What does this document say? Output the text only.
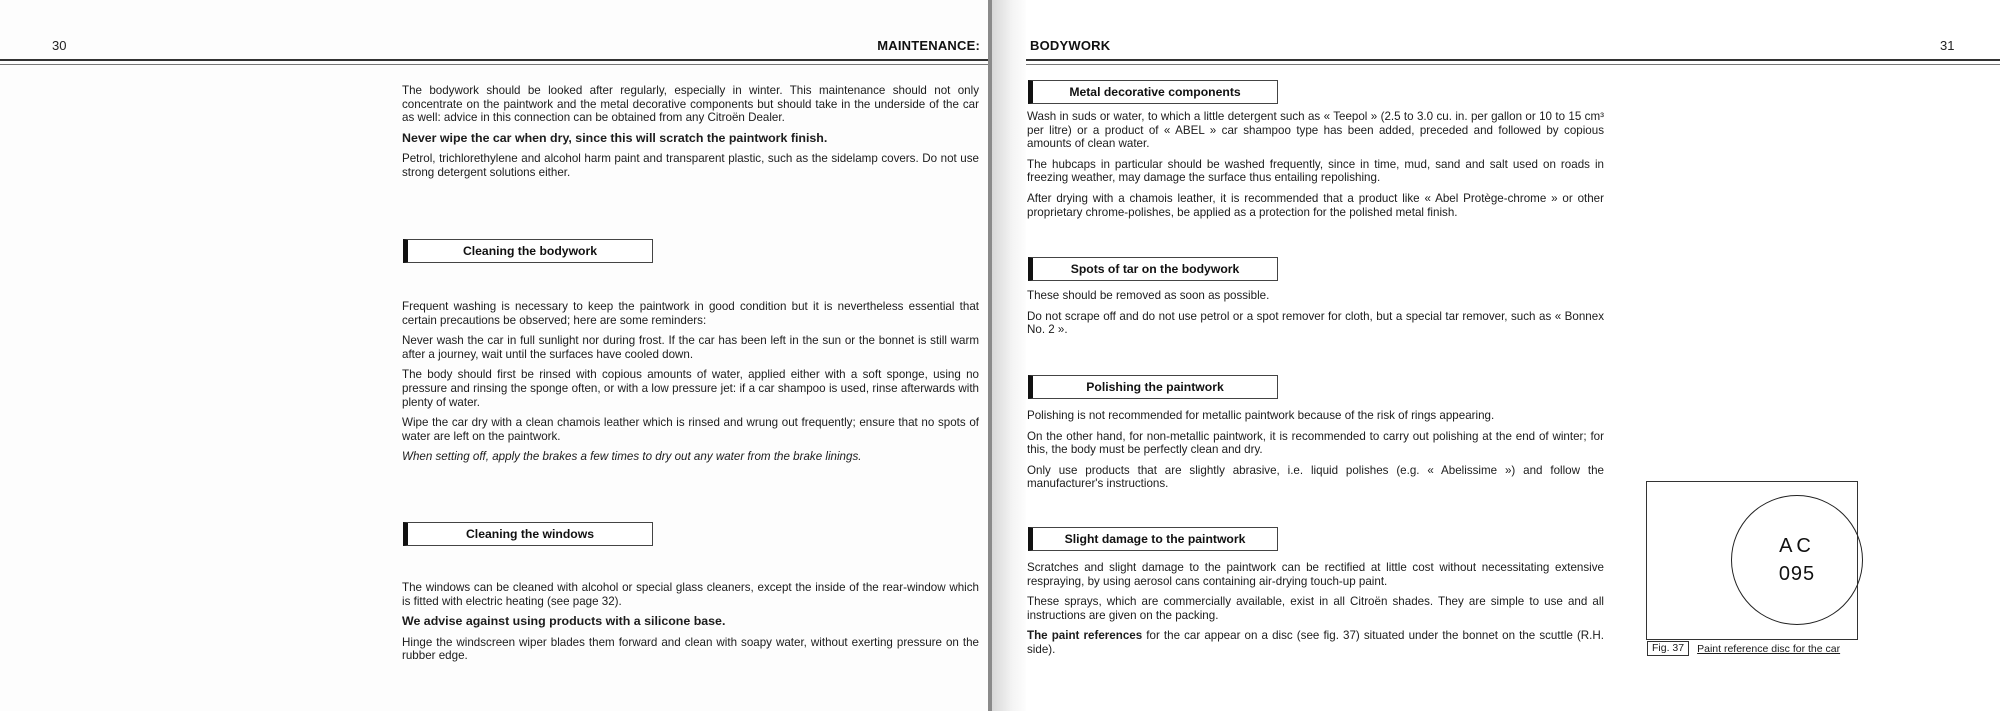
30	MAINTENANCE:

The bodywork should be looked after regularly, especially in winter. This maintenance should not only concentrate on the paintwork and the metal decorative components but should take in the underside of the car as well: advice in this connection can be obtained from any Citroën Dealer.

Never wipe the car when dry, since this will scratch the paintwork finish.

Petrol, trichlorethylene and alcohol harm paint and transparent plastic, such as the sidelamp covers. Do not use strong detergent solutions either.

Cleaning the bodywork

Frequent washing is necessary to keep the paintwork in good condition but it is nevertheless essential that certain precautions be observed; here are some reminders:

Never wash the car in full sunlight nor during frost. If the car has been left in the sun or the bonnet is still warm after a journey, wait until the surfaces have cooled down.

The body should first be rinsed with copious amounts of water, applied either with a soft sponge, using no pressure and rinsing the sponge often, or with a low pressure jet: if a car shampoo is used, rinse afterwards with plenty of water.

Wipe the car dry with a clean chamois leather which is rinsed and wrung out frequently; ensure that no spots of water are left on the paintwork.

When setting off, apply the brakes a few times to dry out any water from the brake linings.

Cleaning the windows

The windows can be cleaned with alcohol or special glass cleaners, except the inside of the rear-window which is fitted with electric heating (see page 32).

We advise against using products with a silicone base.

Hinge the windscreen wiper blades them forward and clean with soapy water, without exerting pressure on the rubber edge.

BODYWORK	31
Metal decorative components

Wash in suds or water, to which a little detergent such as « Teepol » (2.5 to 3.0 cu. in. per gallon or 10 to 15 cm³ per litre) or a product of « ABEL » car shampoo type has been added, preceded and followed by copious amounts of clean water.

The hubcaps in particular should be washed frequently, since in time, mud, sand and salt used on roads in freezing weather, may damage the surface thus entailing repolishing.

After drying with a chamois leather, it is recommended that a product like « Abel Protège-chrome » or other proprietary chrome-polishes, be applied as a protection for the polished metal finish.

Spots of tar on the bodywork

These should be removed as soon as possible.

Do not scrape off and do not use petrol or a spot remover for cloth, but a special tar remover, such as « Bonnex No. 2 ».

Polishing the paintwork

Polishing is not recommended for metallic paintwork because of the risk of rings appearing.

On the other hand, for non-metallic paintwork, it is recommended to carry out polishing at the end of winter; for this, the body must be perfectly clean and dry.

Only use products that are slightly abrasive, i.e. liquid polishes (e.g. « Abelissime ») and follow the manufacturer's instructions.

Slight damage to the paintwork

Scratches and slight damage to the paintwork can be rectified at little cost without necessitating extensive respraying, by using aerosol cans containing air-drying touch-up paint.

These sprays, which are commercially available, exist in all Citroën shades. They are simple to use and all instructions are given on the packing.

The paint references for the car appear on a disc (see fig. 37) situated under the bonnet on the scuttle (R.H. side).

AC
095
Fig. 37	Paint reference disc for the car
